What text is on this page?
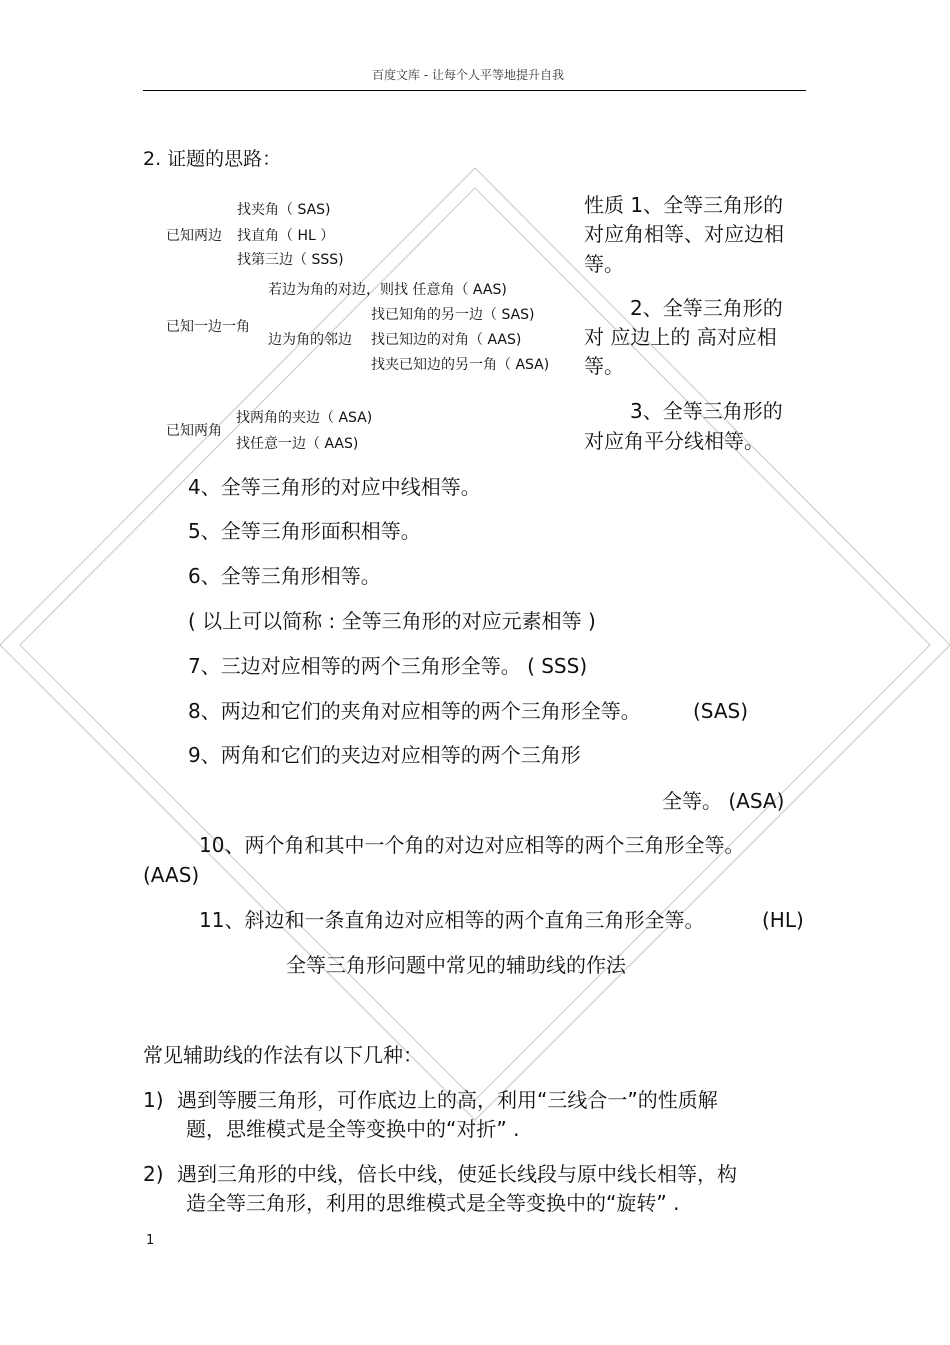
百度文库 - 让每个人平等地提升自我
2. 证题的思路：
已知两边
找夹角（ SAS)
找直角（ HL ）
找第三边（ SSS)
若边为角的对边，则找 任意角（ AAS)
已知一边一角
边为角的邻边
找已知角的另一边（ SAS)
找已知边的对角（ AAS)
找夹已知边的另一角（ ASA)
已知两角
找两角的夹边（ ASA)
找任意一边（ AAS)
性质 1、全等三角形的
对应角相等、对应边相
等。
2、全等三角形的
对 应边上的 高对应相
等。
3、全等三角形的
对应角平分线相等。
4、全等三角形的对应中线相等。
5、全等三角形面积相等。
6、全等三角形相等。
( 以上可以简称 : 全等三角形的对应元素相等 )
7、三边对应相等的两个三角形全等。 ( SSS)
8、两边和它们的夹角对应相等的两个三角形全等。	(SAS)
9、两角和它们的夹边对应相等的两个三角形
全等。 (ASA)
10、两个角和其中一个角的对边对应相等的两个三角形全等。
(AAS)
11、斜边和一条直角边对应相等的两个直角三角形全等。	(HL)
全等三角形问题中常见的辅助线的作法
常见辅助线的作法有以下几种：
1) 遇到等腰三角形，可作底边上的高，利用“三线合一”的性质解
题，思维模式是全等变换中的“对折” .
2) 遇到三角形的中线，倍长中线，使延长线段与原中线长相等，构
造全等三角形，利用的思维模式是全等变换中的“旋转” .
1
